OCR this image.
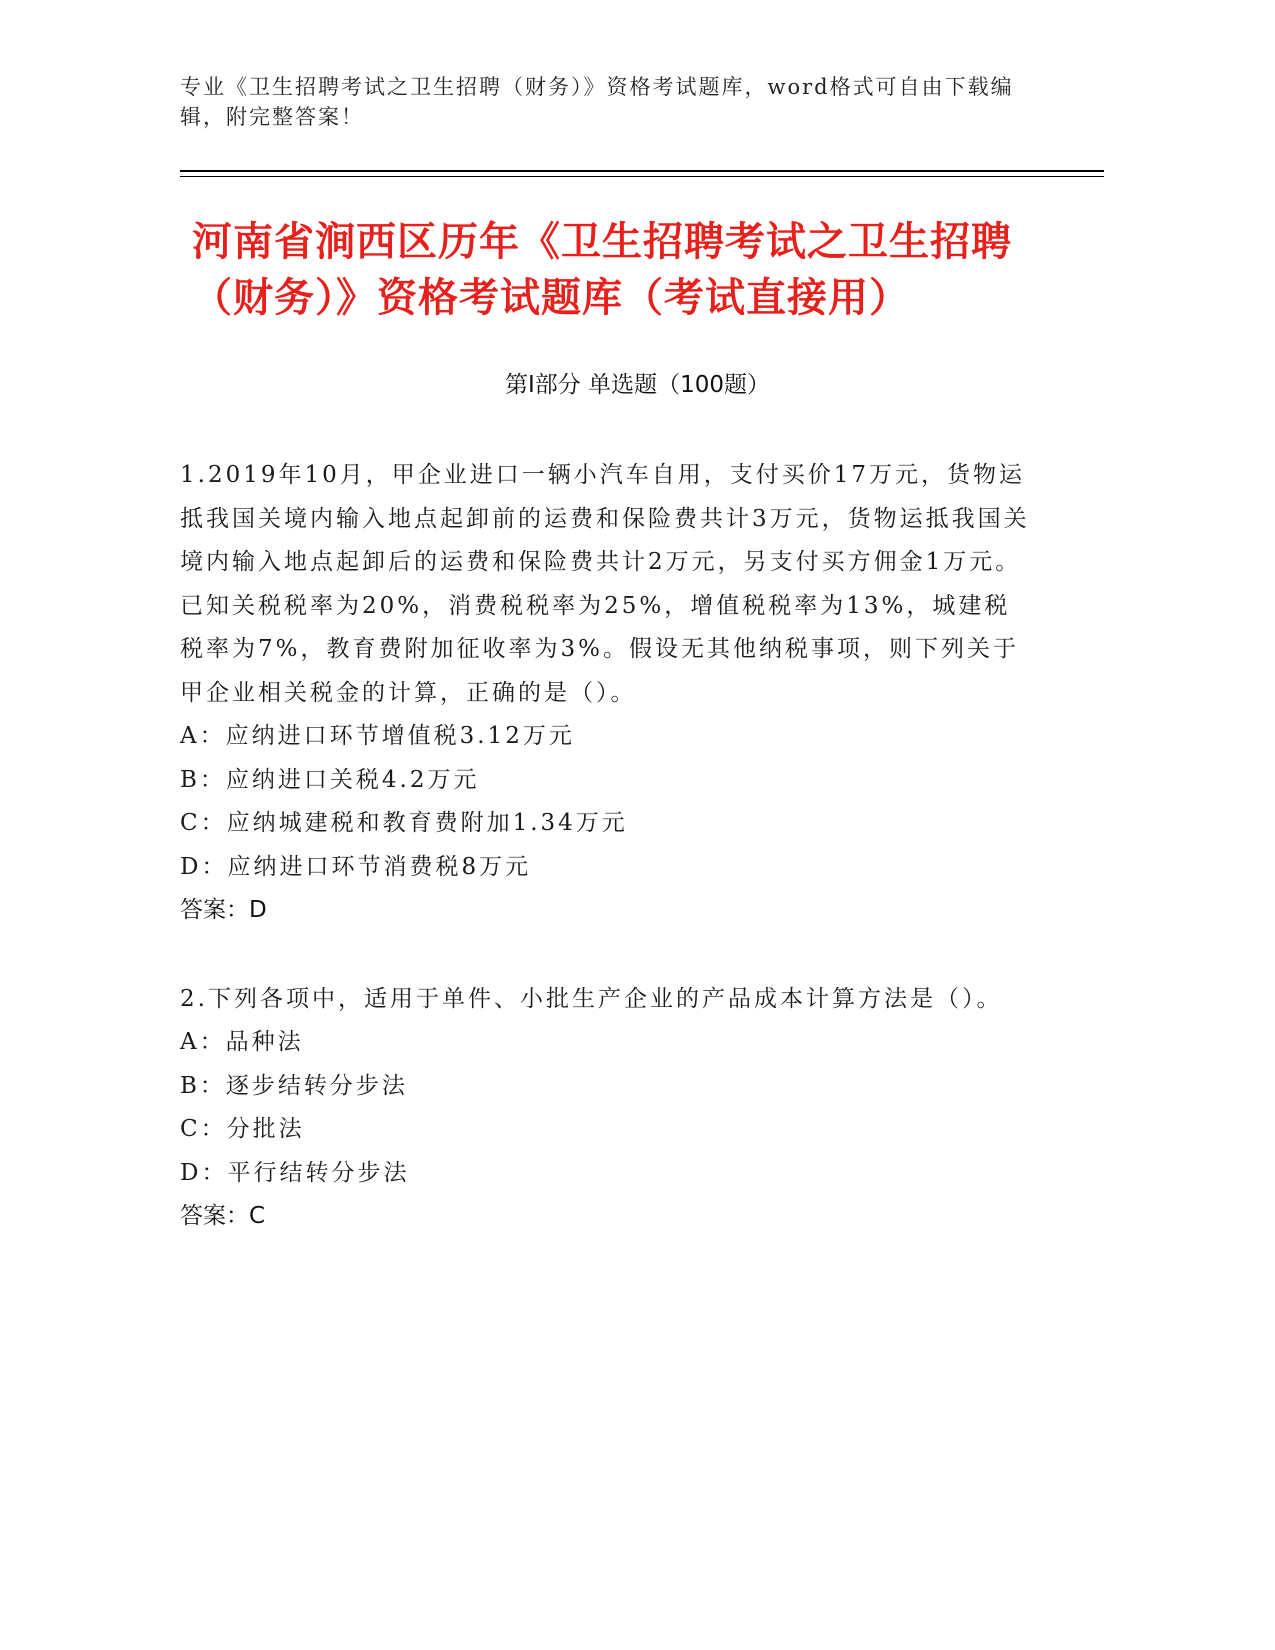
专业《卫生招聘考试之卫生招聘（财务）》资格考试题库，word格式可自由下载编辑，附完整答案！
河南省涧西区历年《卫生招聘考试之卫生招聘（财务）》资格考试题库（考试直接用）
第Ⅰ部分 单选题（100题）
1.2019年10月，甲企业进口一辆小汽车自用，支付买价17万元，货物运抵我国关境内输入地点起卸前的运费和保险费共计3万元，货物运抵我国关境内输入地点起卸后的运费和保险费共计2万元，另支付买方佣金1万元。已知关税税率为20%，消费税税率为25%，增值税税率为13%，城建税税率为7%，教育费附加征收率为3%。假设无其他纳税事项，则下列关于甲企业相关税金的计算，正确的是（）。
A：应纳进口环节增值税3.12万元
B：应纳进口关税4.2万元
C：应纳城建税和教育费附加1.34万元
D：应纳进口环节消费税8万元
答案：D
2.下列各项中，适用于单件、小批生产企业的产品成本计算方法是（）。
A：品种法
B：逐步结转分步法
C：分批法
D：平行结转分步法
答案：C
